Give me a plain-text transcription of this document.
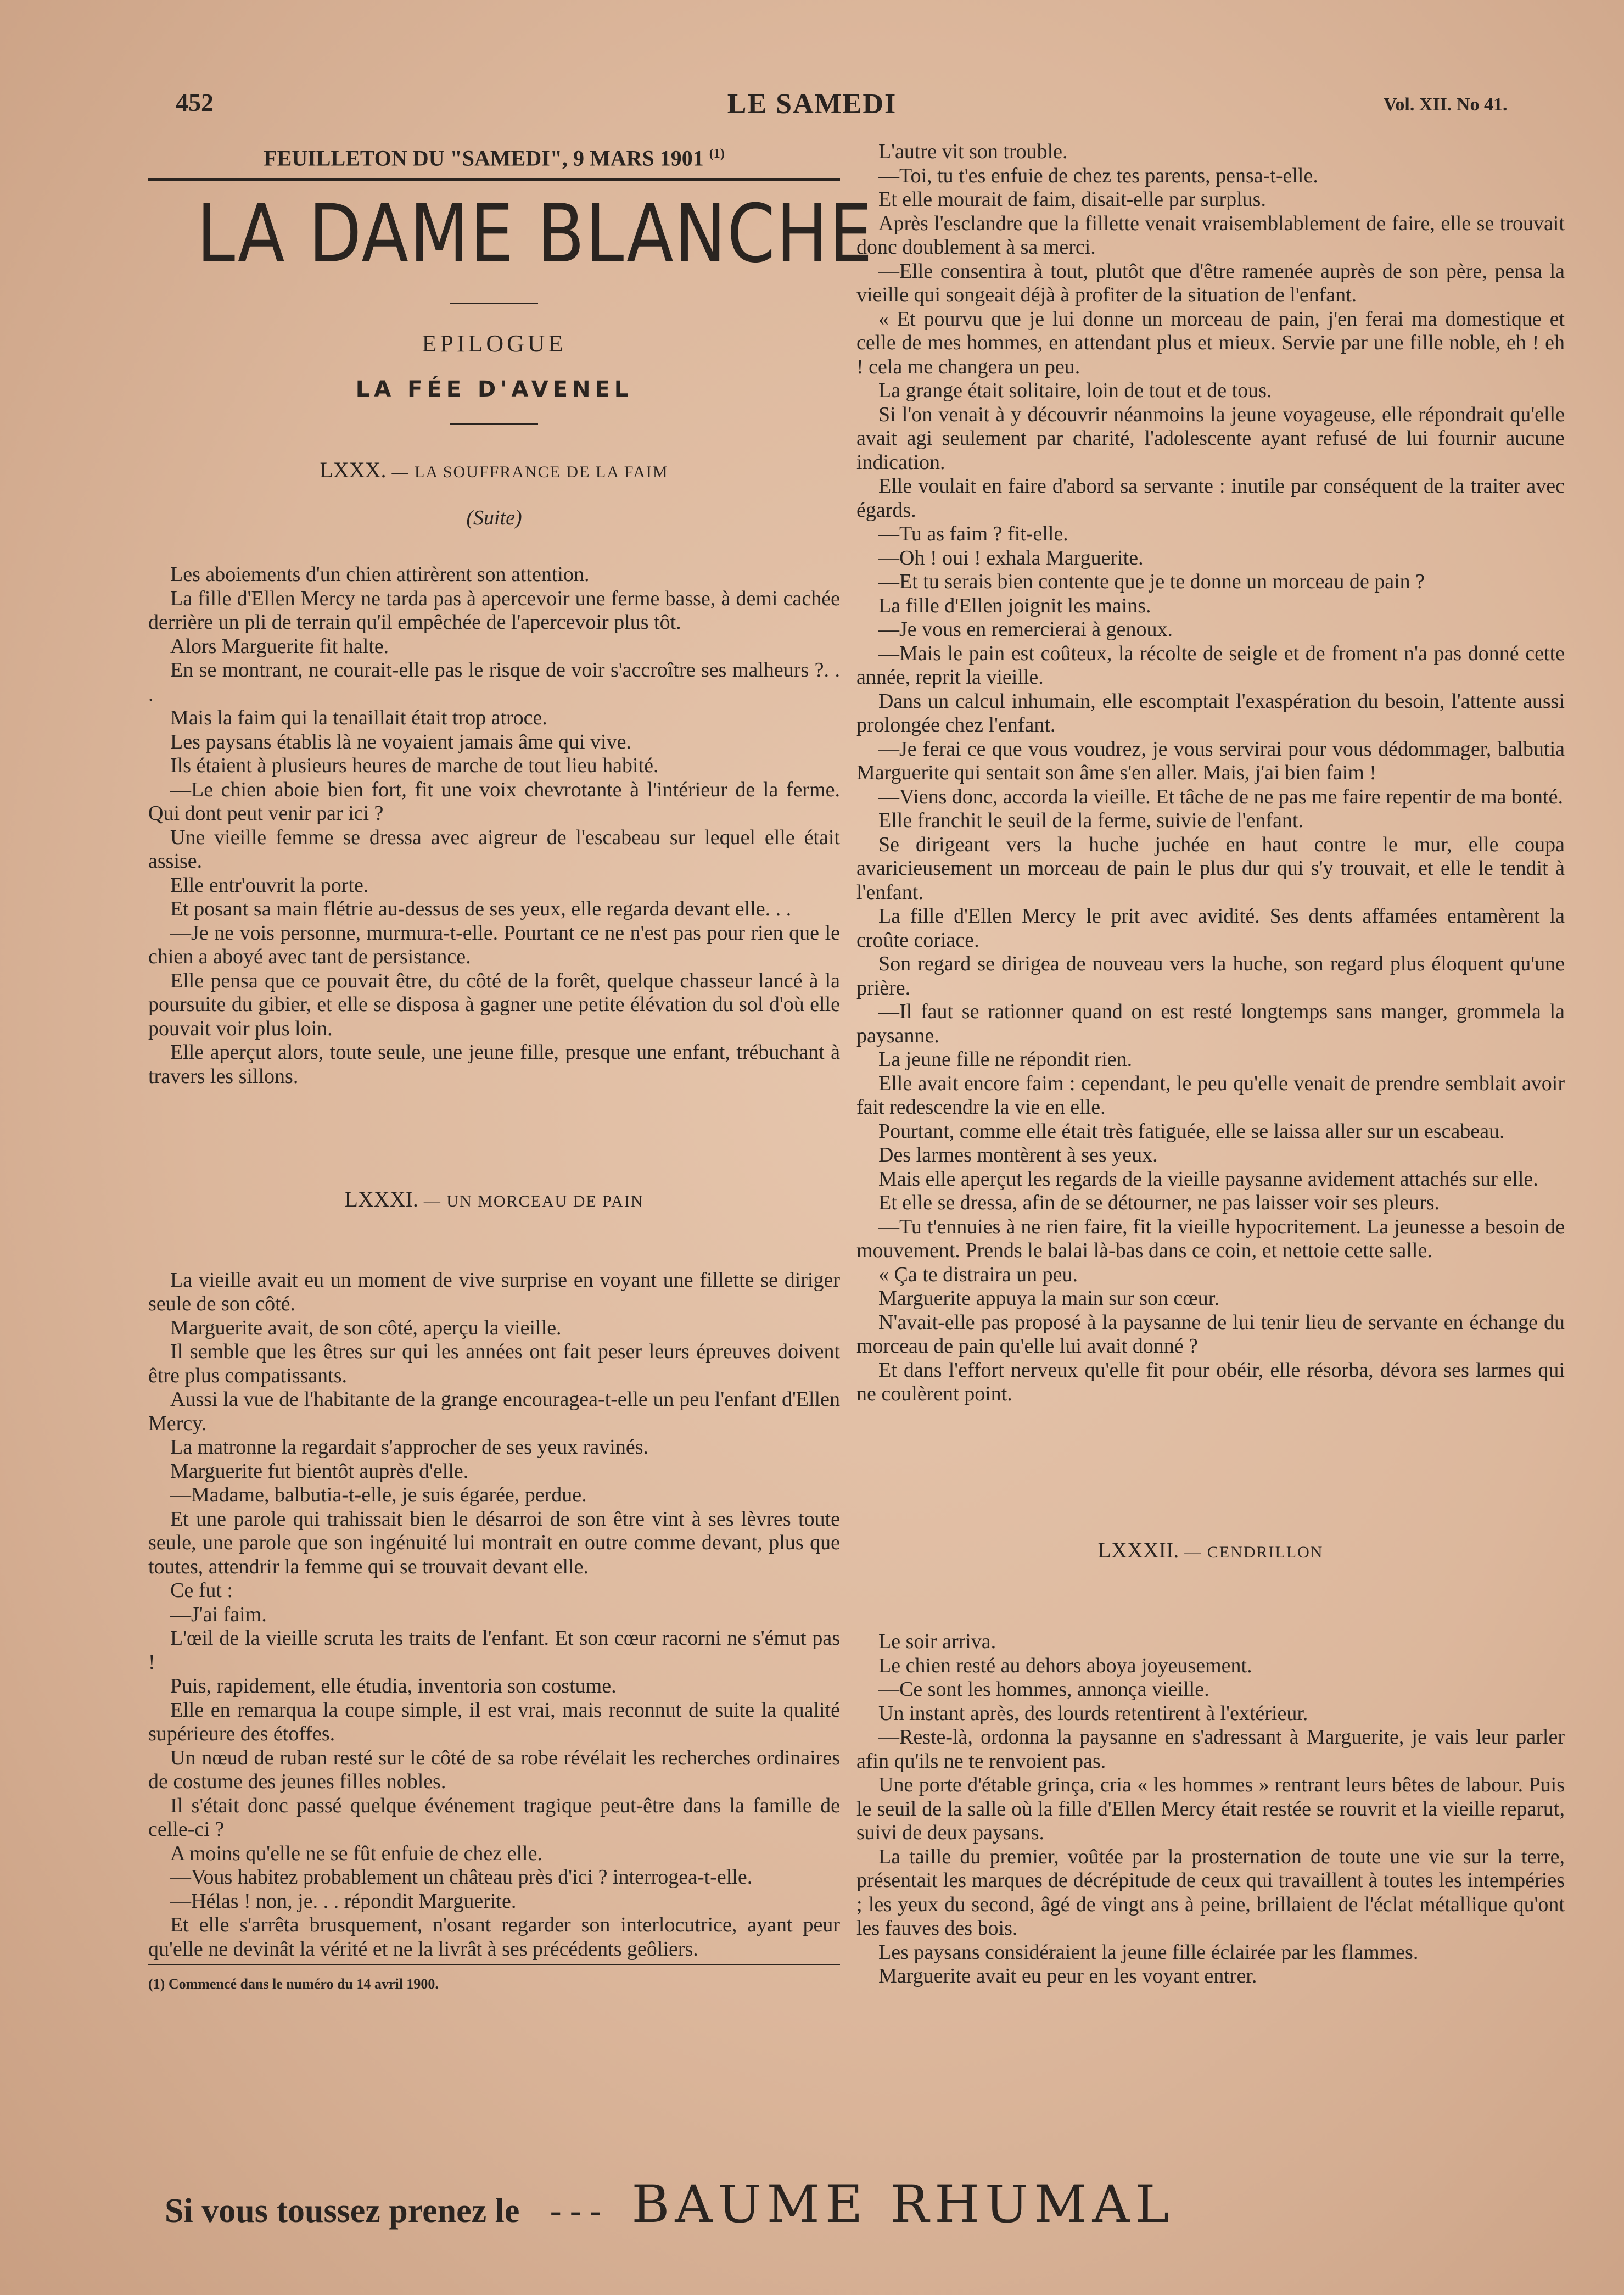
452	LE SAMEDI	Vol. XII. No 41.
FEUILLETON DU "SAMEDI", 9 MARS 1901 $^{(1)}$
LA DAME BLANCHE
EPILOGUE
LA FÉE D'AVENEL
LXXX. — LA SOUFFRANCE DE LA FAIM
(Suite)

Les aboiements d'un chien attirèrent son attention.

La fille d'Ellen Mercy ne tarda pas à apercevoir une ferme basse, à demi cachée derrière un pli de terrain qu'il empêchée de l'apercevoir plus tôt.

Alors Marguerite fit halte.

En se montrant, ne courait-elle pas le risque de voir s'accroître ses malheurs ?. . .

Mais la faim qui la tenaillait était trop atroce.

Les paysans établis là ne voyaient jamais âme qui vive.

Ils étaient à plusieurs heures de marche de tout lieu habité.

—Le chien aboie bien fort, fit une voix chevrotante à l'intérieur de la ferme. Qui dont peut venir par ici ?

Une vieille femme se dressa avec aigreur de l'escabeau sur lequel elle était assise.

Elle entr'ouvrit la porte.

Et posant sa main flétrie au-dessus de ses yeux, elle regarda devant elle. . .

—Je ne vois personne, murmura-t-elle. Pourtant ce ne n'est pas pour rien que le chien a aboyé avec tant de persistance.

Elle pensa que ce pouvait être, du côté de la forêt, quelque chasseur lancé à la poursuite du gibier, et elle se disposa à gagner une petite élévation du sol d'où elle pouvait voir plus loin.

Elle aperçut alors, toute seule, une jeune fille, presque une enfant, trébuchant à travers les sillons.

LXXXI. — UN MORCEAU DE PAIN

La vieille avait eu un moment de vive surprise en voyant une fillette se diriger seule de son côté.

Marguerite avait, de son côté, aperçu la vieille.

Il semble que les êtres sur qui les années ont fait peser leurs épreuves doivent être plus compatissants.

Aussi la vue de l'habitante de la grange encouragea-t-elle un peu l'enfant d'Ellen Mercy.

La matronne la regardait s'approcher de ses yeux ravinés.

Marguerite fut bientôt auprès d'elle.

—Madame, balbutia-t-elle, je suis égarée, perdue.

Et une parole qui trahissait bien le désarroi de son être vint à ses lèvres toute seule, une parole que son ingénuité lui montrait en outre comme devant, plus que toutes, attendrir la femme qui se trouvait devant elle.

Ce fut :

—J'ai faim.

L'œil de la vieille scruta les traits de l'enfant. Et son cœur racorni ne s'émut pas !

Puis, rapidement, elle étudia, inventoria son costume.

Elle en remarqua la coupe simple, il est vrai, mais reconnut de suite la qualité supérieure des étoffes.

Un nœud de ruban resté sur le côté de sa robe révélait les recherches ordinaires de costume des jeunes filles nobles.

Il s'était donc passé quelque événement tragique peut-être dans la famille de celle-ci ?

A moins qu'elle ne se fût enfuie de chez elle.

—Vous habitez probablement un château près d'ici ? interrogea-t-elle.

—Hélas ! non, je. . . répondit Marguerite.

Et elle s'arrêta brusquement, n'osant regarder son interlocutrice, ayant peur qu'elle ne devinât la vérité et ne la livrât à ses précédents geôliers.

(1) Commencé dans le numéro du 14 avril 1900.

L'autre vit son trouble.

—Toi, tu t'es enfuie de chez tes parents, pensa-t-elle.

Et elle mourait de faim, disait-elle par surplus.

Après l'esclandre que la fillette venait vraisemblablement de faire, elle se trouvait donc doublement à sa merci.

—Elle consentira à tout, plutôt que d'être ramenée auprès de son père, pensa la vieille qui songeait déjà à profiter de la situation de l'enfant.

« Et pourvu que je lui donne un morceau de pain, j'en ferai ma domestique et celle de mes hommes, en attendant plus et mieux. Servie par une fille noble, eh ! eh ! cela me changera un peu.

La grange était solitaire, loin de tout et de tous.

Si l'on venait à y découvrir néanmoins la jeune voyageuse, elle répondrait qu'elle avait agi seulement par charité, l'adolescente ayant refusé de lui fournir aucune indication.

Elle voulait en faire d'abord sa servante : inutile par conséquent de la traiter avec égards.

—Tu as faim ? fit-elle.

—Oh ! oui ! exhala Marguerite.

—Et tu serais bien contente que je te donne un morceau de pain ?

La fille d'Ellen joignit les mains.

—Je vous en remercierai à genoux.

—Mais le pain est coûteux, la récolte de seigle et de froment n'a pas donné cette année, reprit la vieille.

Dans un calcul inhumain, elle escomptait l'exaspération du besoin, l'attente aussi prolongée chez l'enfant.

—Je ferai ce que vous voudrez, je vous servirai pour vous dédommager, balbutia Marguerite qui sentait son âme s'en aller. Mais, j'ai bien faim !

—Viens donc, accorda la vieille. Et tâche de ne pas me faire repentir de ma bonté.

Elle franchit le seuil de la ferme, suivie de l'enfant.

Se dirigeant vers la huche juchée en haut contre le mur, elle coupa avaricieusement un morceau de pain le plus dur qui s'y trouvait, et elle le tendit à l'enfant.

La fille d'Ellen Mercy le prit avec avidité. Ses dents affamées entamèrent la croûte coriace.

Son regard se dirigea de nouveau vers la huche, son regard plus éloquent qu'une prière.

—Il faut se rationner quand on est resté longtemps sans manger, grommela la paysanne.

La jeune fille ne répondit rien.

Elle avait encore faim : cependant, le peu qu'elle venait de prendre semblait avoir fait redescendre la vie en elle.

Pourtant, comme elle était très fatiguée, elle se laissa aller sur un escabeau.

Des larmes montèrent à ses yeux.

Mais elle aperçut les regards de la vieille paysanne avidement attachés sur elle.

Et elle se dressa, afin de se détourner, ne pas laisser voir ses pleurs.

—Tu t'ennuies à ne rien faire, fit la vieille hypocritement. La jeunesse a besoin de mouvement. Prends le balai là-bas dans ce coin, et nettoie cette salle.

« Ça te distraira un peu.

Marguerite appuya la main sur son cœur.

N'avait-elle pas proposé à la paysanne de lui tenir lieu de servante en échange du morceau de pain qu'elle lui avait donné ?

Et dans l'effort nerveux qu'elle fit pour obéir, elle résorba, dévora ses larmes qui ne coulèrent point.

LXXXII. — CENDRILLON

Le soir arriva.

Le chien resté au dehors aboya joyeusement.

—Ce sont les hommes, annonça vieille.

Un instant après, des lourds retentirent à l'extérieur.

—Reste-là, ordonna la paysanne en s'adressant à Marguerite, je vais leur parler afin qu'ils ne te renvoient pas.

Une porte d'étable grinça, cria « les hommes » rentrant leurs bêtes de labour. Puis le seuil de la salle où la fille d'Ellen Mercy était restée se rouvrit et la vieille reparut, suivi de deux paysans.

La taille du premier, voûtée par la prosternation de toute une vie sur la terre, présentait les marques de décrépitude de ceux qui travaillent à toutes les intempéries ; les yeux du second, âgé de vingt ans à peine, brillaient de l'éclat métallique qu'ont les fauves des bois.

Les paysans considéraient la jeune fille éclairée par les flammes.

Marguerite avait eu peur en les voyant entrer.

Si vous toussez prenez le - - - BAUME RHUMAL
